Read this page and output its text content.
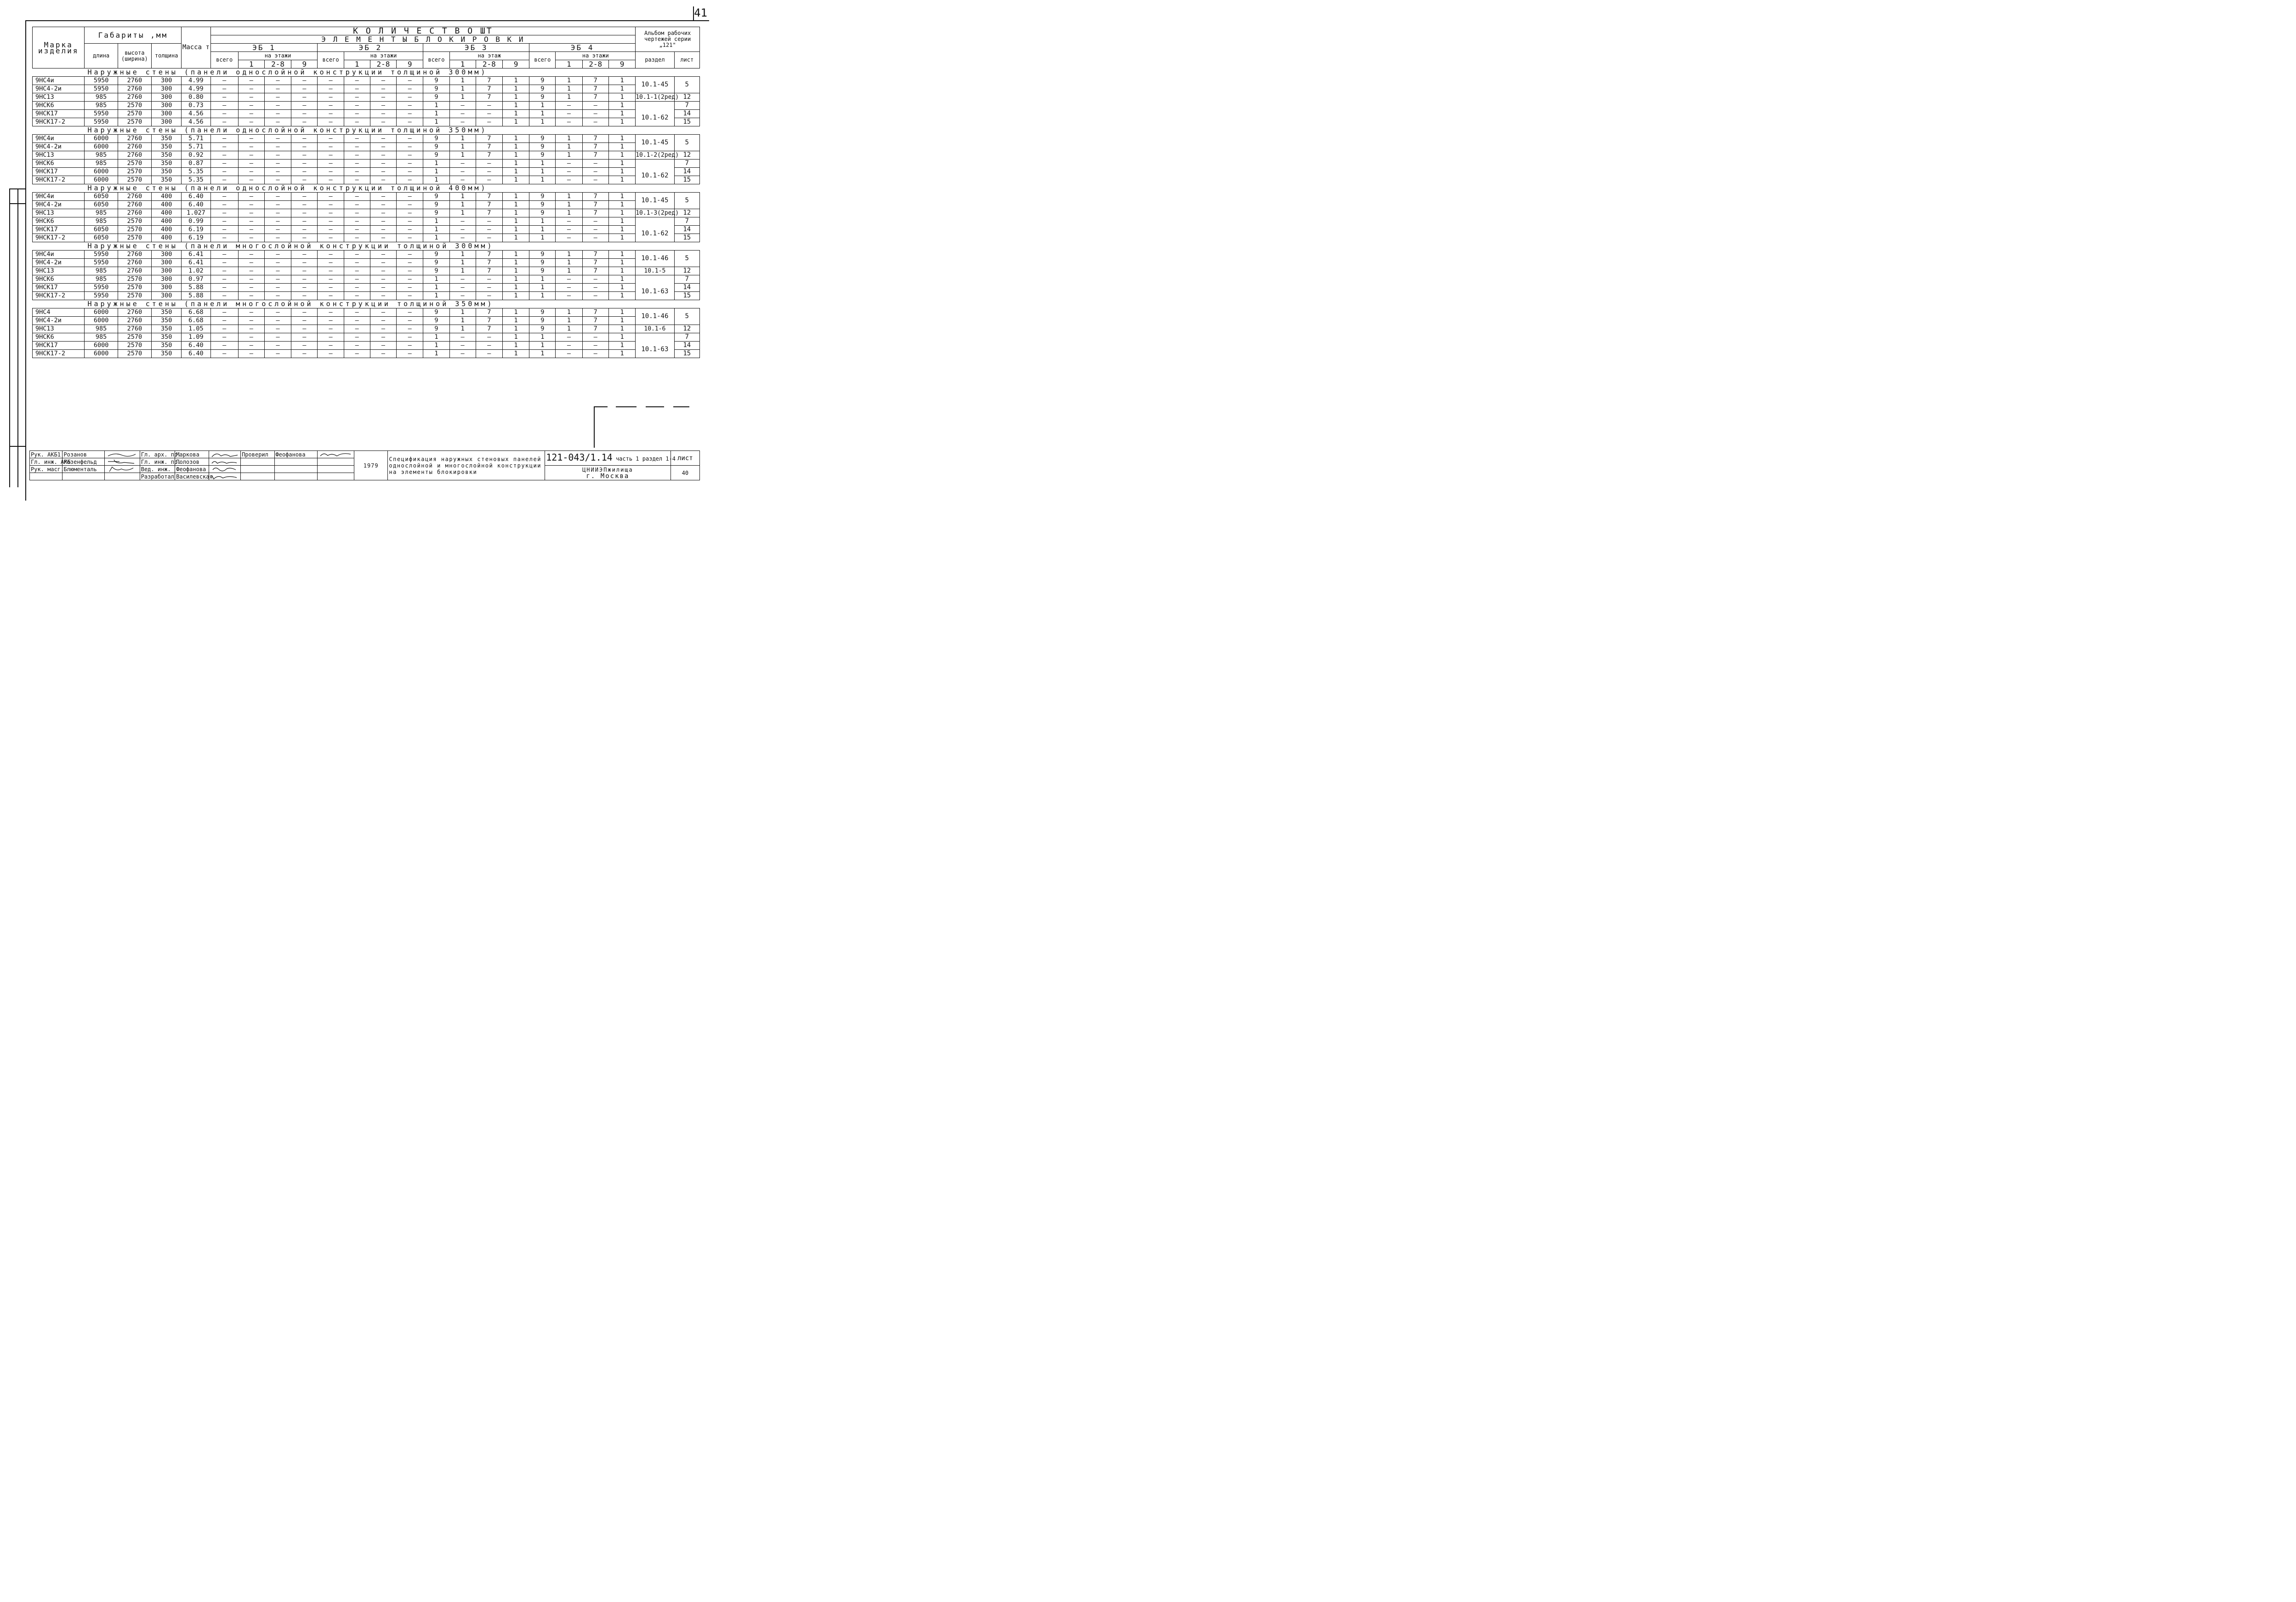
41
Марка изделия	Габариты ,мм			Масса т	К О Л И Ч Е С Т В О ШТ																Альбом рабочих чертежей серии „121"	
					Э Л Е М Е Н Т Ы Б Л О К И Р О В К И																	
	длина	высота (ширина)	толщина		ЭБ 1				ЭБ 2				ЭБ 3				ЭБ 4					
					всего	на этажи			всего	на этажи			всего	на этаж			всего	на этажи			раздел	лист
						1	2-8	9		1	2-8	9		1	2-8	9		1	2-8	9		
Наружные стены (панели однослойной конструкции толщиной 300мм)																						
9НС4и	5950	2760	300	4.99	—	—	—	—	—	—	—	—	9	1	7	1	9	1	7	1	10.1-45	5
9НС4-2и	5950	2760	300	4.99	—	—	—	—	—	—	—	—	9	1	7	1	9	1	7	1		
9НС13	985	2760	300	0.80	—	—	—	—	—	—	—	—	9	1	7	1	9	1	7	1	10.1-1(2ред)	12
9НСК6	985	2570	300	0.73	—	—	—	—	—	—	—	—	1	—	—	1	1	—	—	1		7
9НСК17	5950	2570	300	4.56	—	—	—	—	—	—	—	—	1	—	—	1	1	—	—	1	10.1-62	14
9НСК17-2	5950	2570	300	4.56	—	—	—	—	—	—	—	—	1	—	—	1	1	—	—	1		15
Наружные стены (панели однослойной конструкции толщиной 350мм)																						
9НС4и	6000	2760	350	5.71	—	—	—	—	—	—	—	—	9	1	7	1	9	1	7	1	10.1-45	5
9НС4-2и	6000	2760	350	5.71	—	—	—	—	—	—	—	—	9	1	7	1	9	1	7	1		
9НС13	985	2760	350	0.92	—	—	—	—	—	—	—	—	9	1	7	1	9	1	7	1	10.1-2(2ред)	12
9НСК6	985	2570	350	0.87	—	—	—	—	—	—	—	—	1	—	—	1	1	—	—	1		7
9НСК17	6000	2570	350	5.35	—	—	—	—	—	—	—	—	1	—	—	1	1	—	—	1	10.1-62	14
9НСК17-2	6000	2570	350	5.35	—	—	—	—	—	—	—	—	1	—	—	1	1	—	—	1		15
Наружные стены (панели однослойной конструкции толщиной 400мм)																						
9НС4и	6050	2760	400	6.40	—	—	—	—	—	—	—	—	9	1	7	1	9	1	7	1	10.1-45	5
9НС4-2и	6050	2760	400	6.40	—	—	—	—	—	—	—	—	9	1	7	1	9	1	7	1		
9НС13	985	2760	400	1.027	—	—	—	—	—	—	—	—	9	1	7	1	9	1	7	1	10.1-3(2ред)	12
9НСК6	985	2570	400	0.99	—	—	—	—	—	—	—	—	1	—	—	1	1	—	—	1		7
9НСК17	6050	2570	400	6.19	—	—	—	—	—	—	—	—	1	—	—	1	1	—	—	1	10.1-62	14
9НСК17-2	6050	2570	400	6.19	—	—	—	—	—	—	—	—	1	—	—	1	1	—	—	1		15
Наружные стены (панели многослойной конструкции толщиной 300мм)																						
9НС4и	5950	2760	300	6.41	—	—	—	—	—	—	—	—	9	1	7	1	9	1	7	1	10.1-46	5
9НС4-2и	5950	2760	300	6.41	—	—	—	—	—	—	—	—	9	1	7	1	9	1	7	1		
9НС13	985	2760	300	1.02	—	—	—	—	—	—	—	—	9	1	7	1	9	1	7	1	10.1-5	12
9НСК6	985	2570	300	0.97	—	—	—	—	—	—	—	—	1	—	—	1	1	—	—	1		7
9НСК17	5950	2570	300	5.88	—	—	—	—	—	—	—	—	1	—	—	1	1	—	—	1	10.1-63	14
9НСК17-2	5950	2570	300	5.88	—	—	—	—	—	—	—	—	1	—	—	1	1	—	—	1		15
Наружные стены (панели многослойной конструкции толщиной 350мм)																						
9НС4	6000	2760	350	6.68	—	—	—	—	—	—	—	—	9	1	7	1	9	1	7	1	10.1-46	5
9НС4-2и	6000	2760	350	6.68	—	—	—	—	—	—	—	—	9	1	7	1	9	1	7	1		
9НС13	985	2760	350	1.05	—	—	—	—	—	—	—	—	9	1	7	1	9	1	7	1	10.1-6	12
9НСК6	985	2570	350	1.09	—	—	—	—	—	—	—	—	1	—	—	1	1	—	—	1		7
9НСК17	6000	2570	350	6.40	—	—	—	—	—	—	—	—	1	—	—	1	1	—	—	1	10.1-63	14
9НСК17-2	6000	2570	350	6.40	—	—	—	—	—	—	—	—	1	—	—	1	1	—	—	1		15
Рук. АКБ1	Розанов		Гл. арх. пр.	Маркова		Проверил	Феофанова		1979	Спецификация наружных стеновых панелей однослойной и многослойной конструкции на элементы блокировки	121-043/1.14 часть 1 раздел 1-4	лист
Гл. инж. АКБ	Розенфельд		Гл. инж. пр.	Полозов	

Рук. масг.	Блюменталь		Вед. инж.	Феофанова							ЦНИИЭПжилища
г. Москва	40
			Разработал	Василевская	
